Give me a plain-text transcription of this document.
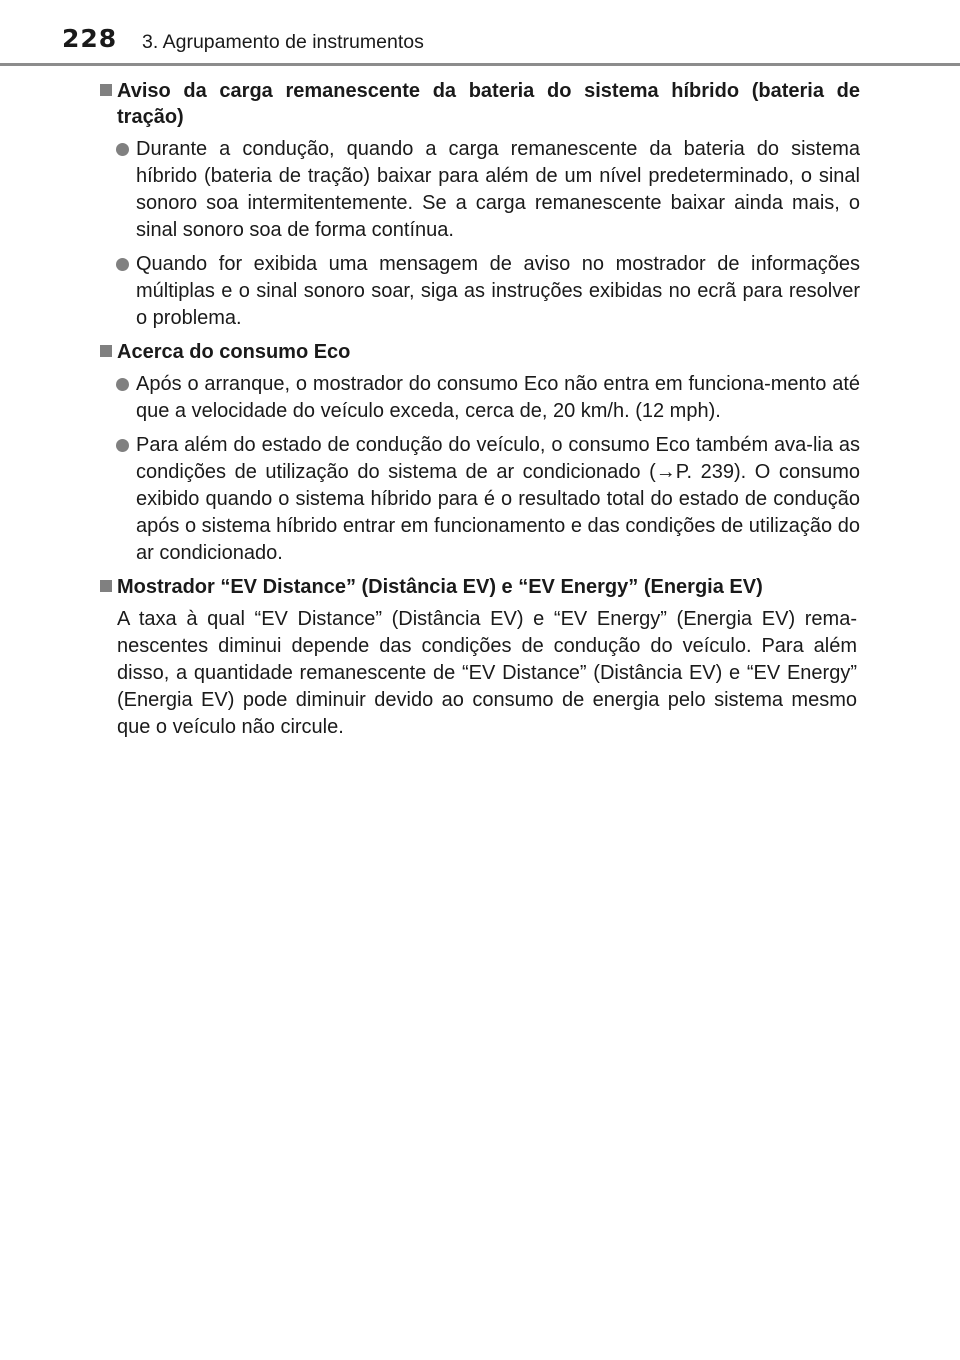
228 3. Agrupamento de instrumentos
Aviso da carga remanescente da bateria do sistema híbrido (bateria de tração)
Durante a condução, quando a carga remanescente da bateria do sistema híbrido (bateria de tração) baixar para além de um nível predeterminado, o sinal sonoro soa intermitentemente. Se a carga remanescente baixar ainda mais, o sinal sonoro soa de forma contínua.
Quando for exibida uma mensagem de aviso no mostrador de informações múltiplas e o sinal sonoro soar, siga as instruções exibidas no ecrã para resolver o problema.
Acerca do consumo Eco
Após o arranque, o mostrador do consumo Eco não entra em funciona-mento até que a velocidade do veículo exceda, cerca de, 20 km/h. (12 mph).
Para além do estado de condução do veículo, o consumo Eco também ava-lia as condições de utilização do sistema de ar condicionado (→P. 239). O consumo exibido quando o sistema híbrido para é o resultado total do estado de condução após o sistema híbrido entrar em funcionamento e das condições de utilização do ar condicionado.
Mostrador “EV Distance” (Distância EV) e “EV Energy” (Energia EV)
A taxa à qual “EV Distance” (Distância EV) e “EV Energy” (Energia EV) rema-nescentes diminui depende das condições de condução do veículo. Para além disso, a quantidade remanescente de “EV Distance” (Distância EV) e “EV Energy” (Energia EV) pode diminuir devido ao consumo de energia pelo sistema mesmo que o veículo não circule.
